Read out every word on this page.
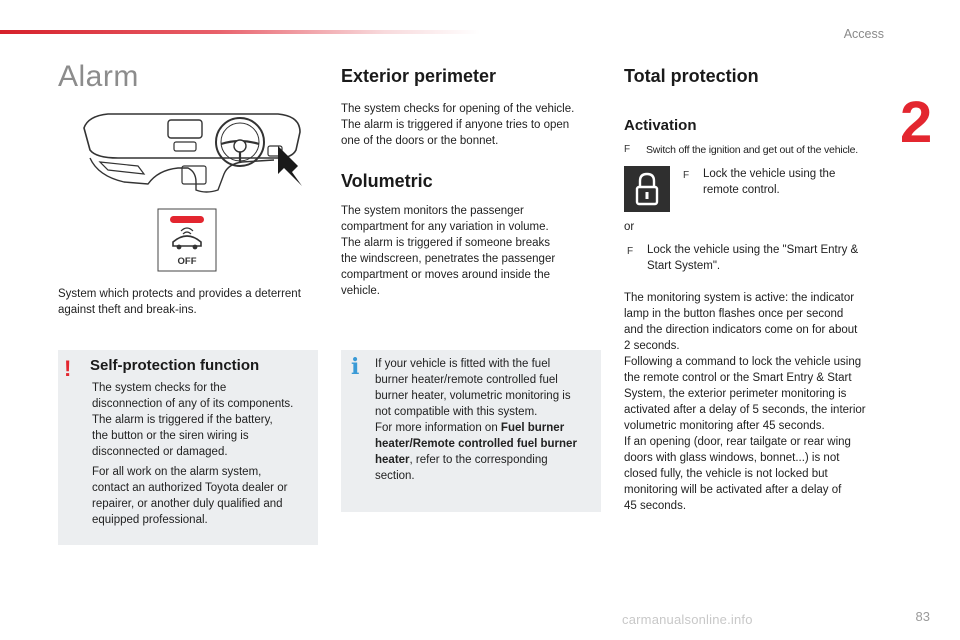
Access
2
Alarm
OFF

System which protects and provides a deterrent
against theft and break-ins.

! Self-protection function

The system checks for the
disconnection of any of its components.
The alarm is triggered if the battery,
the button or the siren wiring is
disconnected or damaged.

For all work on the alarm system,
contact an authorized Toyota dealer or
repairer, or another duly qualified and
equipped professional.

Exterior perimeter

The system checks for opening of the vehicle.
The alarm is triggered if anyone tries to open
one of the doors or the bonnet.

Volumetric

The system monitors the passenger
compartment for any variation in volume.
The alarm is triggered if someone breaks
the windscreen, penetrates the passenger
compartment or moves around inside the
vehicle.

i If your vehicle is fitted with the fuel
burner heater/remote controlled fuel
burner heater, volumetric monitoring is
not compatible with this system.
For more information on Fuel burner
heater/Remote controlled fuel burner
heater, refer to the corresponding
section.

Total protection
Activation
F Switch off the ignition and get out of the vehicle.

F Lock the vehicle using the
remote control.

or

F Lock the vehicle using the "Smart Entry &
Start System".

The monitoring system is active: the indicator
lamp in the button flashes once per second
and the direction indicators come on for about
2 seconds.
Following a command to lock the vehicle using
the remote control or the Smart Entry & Start
System, the exterior perimeter monitoring is
activated after a delay of 5 seconds, the interior
volumetric monitoring after 45 seconds.
If an opening (door, rear tailgate or rear wing
doors with glass windows, bonnet...) is not
closed fully, the vehicle is not locked but
monitoring will be activated after a delay of
45 seconds.

carmanualsonline.info	83
